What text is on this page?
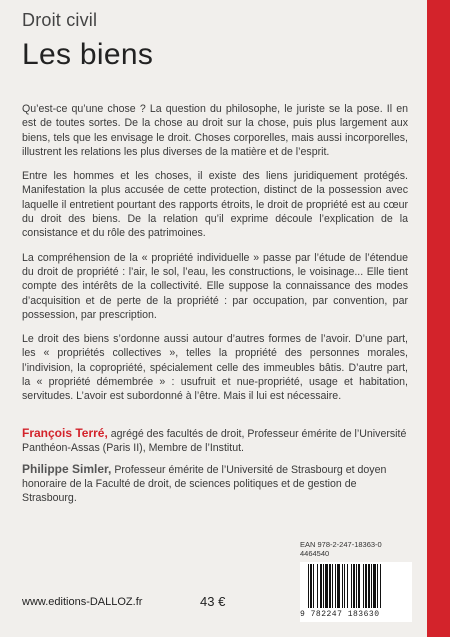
Droit civil
Les biens

Qu’est-ce qu’une chose ? La question du philosophe, le juriste se la pose. Il en est de toutes sortes. De la chose au droit sur la chose, puis plus largement aux biens, tels que les envisage le droit. Choses corporelles, mais aussi incorporelles, illustrent les relations les plus diverses de la matière et de l’esprit.

Entre les hommes et les choses, il existe des liens juridiquement protégés. Manifestation la plus accusée de cette protection, distinct de la possession avec laquelle il entretient pourtant des rapports étroits, le droit de propriété est au cœur du droit des biens. De la relation qu’il exprime découle l’explication de la consistance et du rôle des patrimoines.

La compréhension de la « propriété individuelle » passe par l’étude de l’étendue du droit de propriété : l’air, le sol, l’eau, les constructions, le voisinage... Elle tient compte des intérêts de la collectivité. Elle suppose la connaissance des modes d’acquisition et de perte de la propriété : par occupation, par convention, par possession, par prescription.

Le droit des biens s’ordonne aussi autour d’autres formes de l’avoir. D’une part, les « propriétés collectives », telles la propriété des personnes morales, l’indivision, la copropriété, spécialement celle des immeubles bâtis. D’autre part, la « propriété démembrée » : usufruit et nue-propriété, usage et habitation, servitudes. L’avoir est subordonné à l’être. Mais il lui est nécessaire.

François Terré, agrégé des facultés de droit, Professeur émérite de l’Université Panthéon-Assas (Paris II), Membre de l’Institut.

Philippe Simler, Professeur émérite de l’Université de Strasbourg et doyen honoraire de la Faculté de droit, de sciences politiques et de gestion de Strasbourg.

EAN 978-2-247-18363-0
4464540
9 782247 183630
www.editions-DALLOZ.fr	43 €
